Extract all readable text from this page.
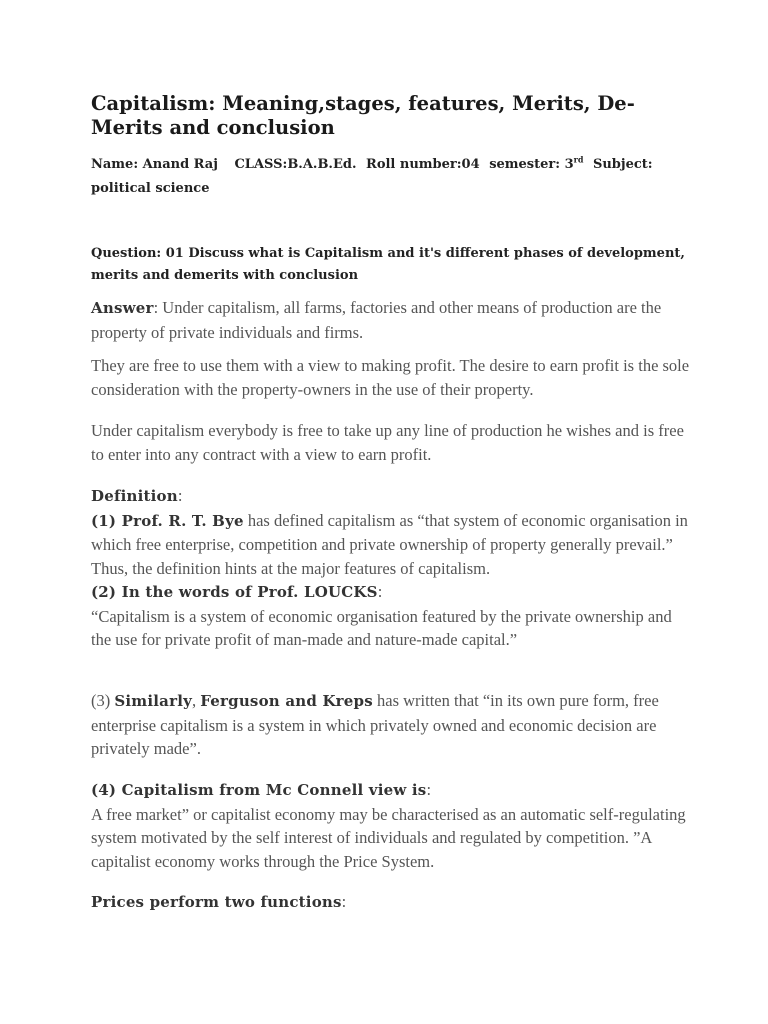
Capitalism: Meaning,stages, features, Merits, De-Merits and conclusion
Name: Anand Raj CLASS:B.A.B.Ed. Roll number:04 semester: 3rd Subject: political science
Question: 01 Discuss what is Capitalism and it's different phases of development, merits and demerits with conclusion

Answer: Under capitalism, all farms, factories and other means of production are the property of private individuals and firms.

They are free to use them with a view to making profit. The desire to earn profit is the sole consideration with the property-owners in the use of their property.

Under capitalism everybody is free to take up any line of production he wishes and is free to enter into any contract with a view to earn profit.

Definition:

(1) Prof. R. T. Bye has defined capitalism as “that system of economic organisation in which free enterprise, competition and private ownership of property generally prevail.” Thus, the definition hints at the major features of capitalism.

(2) In the words of Prof. LOUCKS:

“Capitalism is a system of economic organisation featured by the private ownership and the use for private profit of man-made and nature-made capital.”

(3) Similarly, Ferguson and Kreps has written that “in its own pure form, free enterprise capitalism is a system in which privately owned and economic decision are privately made”.

(4) Capitalism from Mc Connell view is:

A free market” or capitalist economy may be characterised as an automatic self-regulating system motivated by the self interest of individuals and regulated by competition. ”A capitalist economy works through the Price System.

Prices perform two functions:
